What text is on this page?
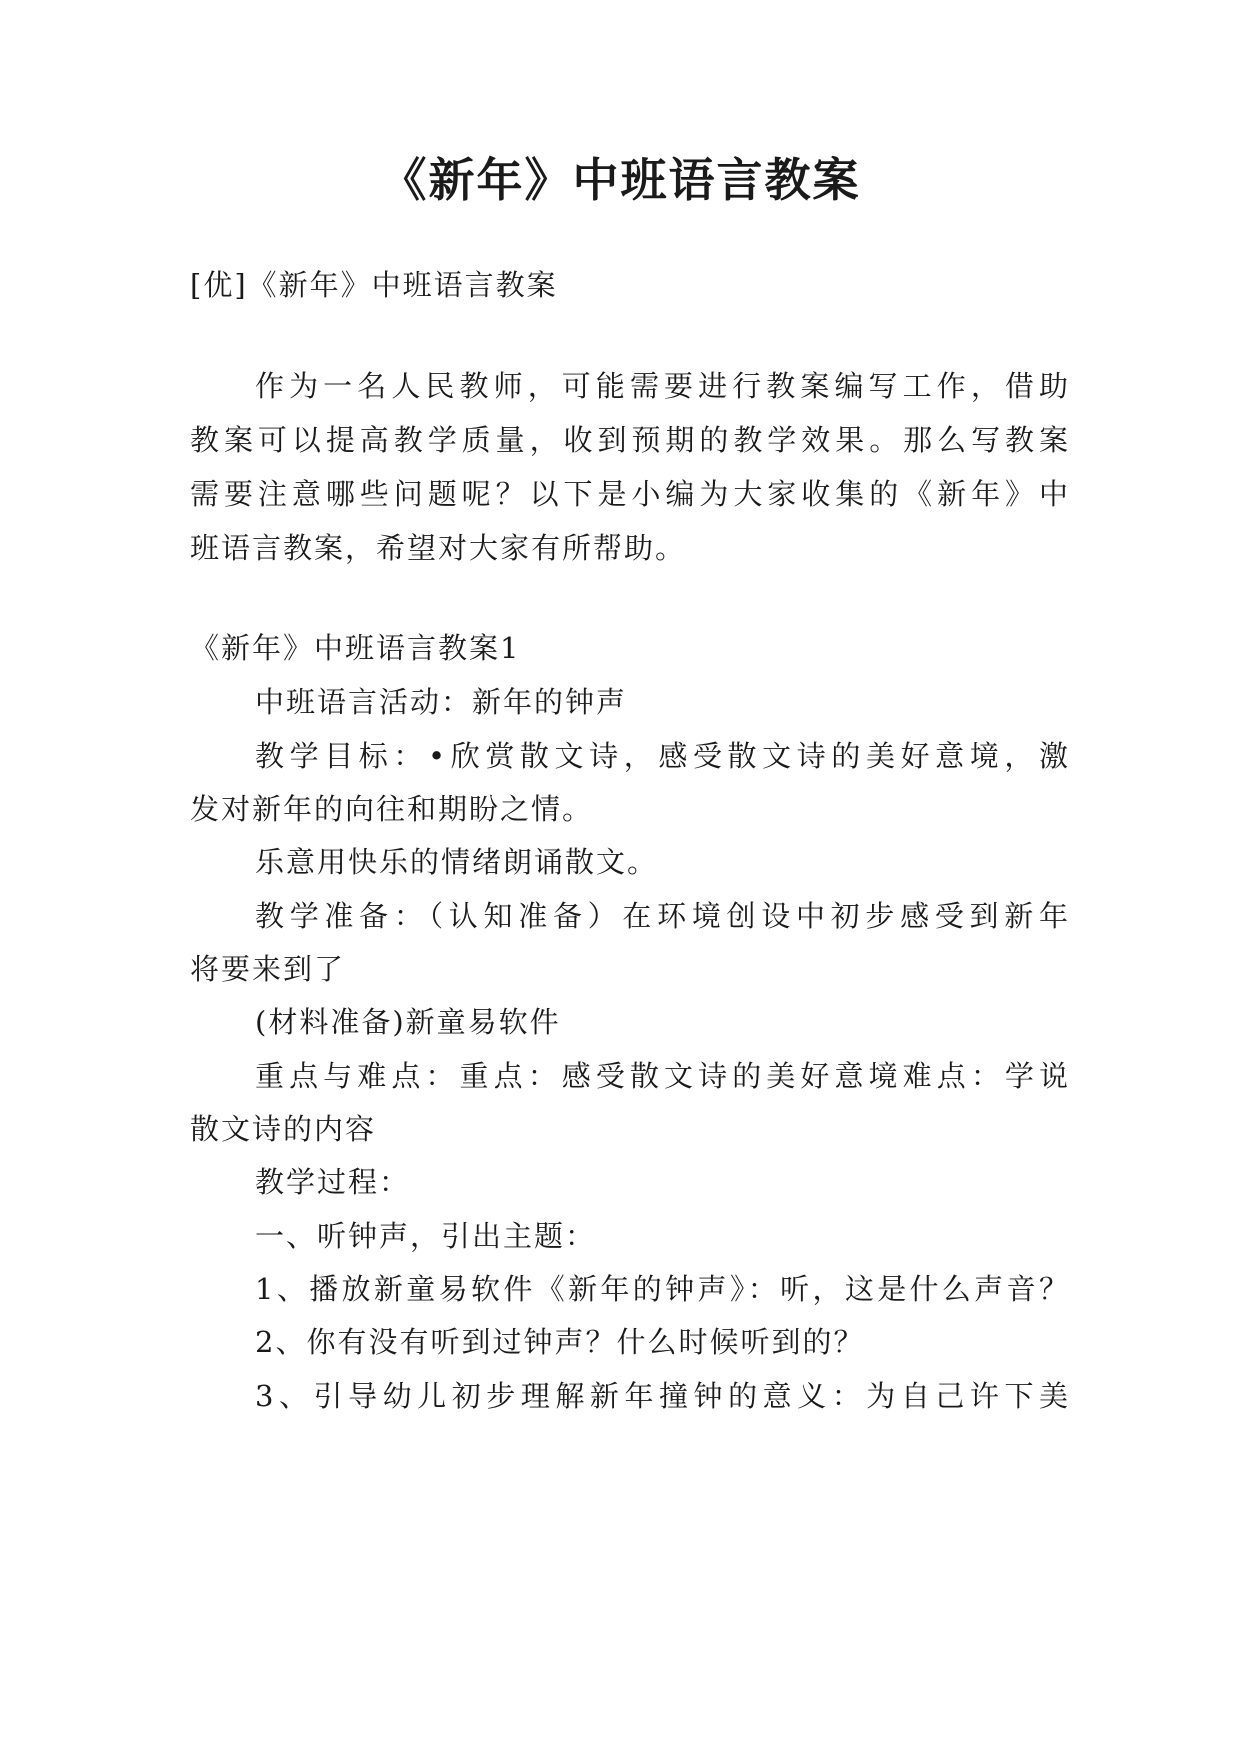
《新年》中班语言教案

[优]《新年》中班语言教案

作为一名人民教师，可能需要进行教案编写工作，借助

教案可以提高教学质量，收到预期的教学效果。那么写教案

需要注意哪些问题呢？以下是小编为大家收集的《新年》中

班语言教案，希望对大家有所帮助。

《新年》中班语言教案1

中班语言活动：新年的钟声

教学目标：•欣赏散文诗，感受散文诗的美好意境，激

发对新年的向往和期盼之情。

乐意用快乐的情绪朗诵散文。

教学准备：（认知准备）在环境创设中初步感受到新年

将要来到了

(材料准备)新童易软件

重点与难点：重点：感受散文诗的美好意境难点：学说

散文诗的内容

教学过程：

一、听钟声，引出主题：

1、播放新童易软件《新年的钟声》：听，这是什么声音？

2、你有没有听到过钟声？什么时候听到的？

3、引导幼儿初步理解新年撞钟的意义：为自己许下美
